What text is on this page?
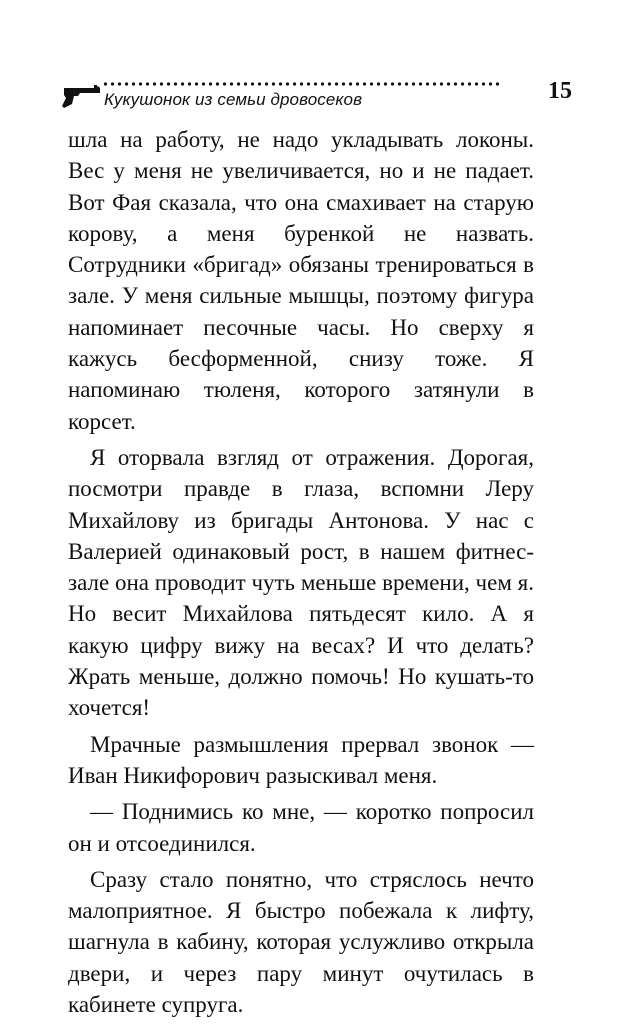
Кукушонок из семьи дровосеков	15

шла на работу, не надо укладывать локоны. Вес у меня не увеличивается, но и не падает. Вот Фая сказала, что она смахивает на старую корову, а меня буренкой не назвать. Сотрудники «бригад» обязаны тренироваться в зале. У меня сильные мышцы, поэтому фигура напоминает песочные часы. Но сверху я кажусь бесформенной, снизу тоже. Я напоминаю тюленя, которого затянули в корсет.

Я оторвала взгляд от отражения. Дорогая, посмотри правде в глаза, вспомни Леру Михайлову из бригады Антонова. У нас с Валерией одинаковый рост, в нашем фитнес-зале она проводит чуть меньше времени, чем я. Но весит Михайлова пятьдесят кило. А я какую цифру вижу на весах? И что делать? Жрать меньше, должно помочь! Но кушать-то хочется!

Мрачные размышления прервал звонок — Иван Никифорович разыскивал меня.

— Поднимись ко мне, — коротко попросил он и отсоединился.

Сразу стало понятно, что стряслось нечто малоприятное. Я быстро побежала к лифту, шагнула в кабину, которая услужливо открыла двери, и через пару минут очутилась в кабинете супруга.
